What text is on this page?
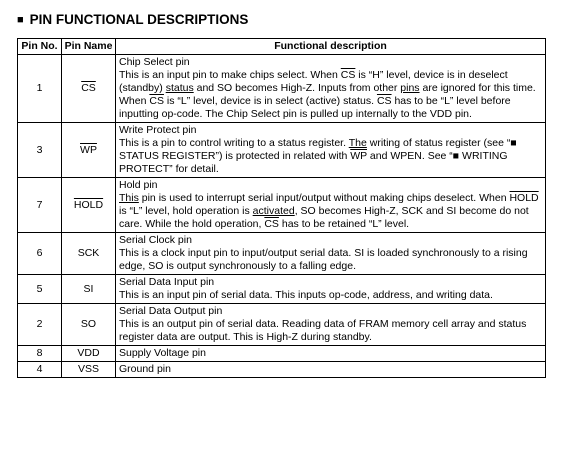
■ PIN FUNCTIONAL DESCRIPTIONS
Pin No.	Pin Name	Functional description
1	$\overline{CS}$	Chip Select pin
This is an input pin to make chips select. When $\overline{CS}$ is “H” level, device is in deselect (standby) status and SO becomes High-Z. Inputs from other pins are ignored for this time. When $\overline{CS}$ is “L” level, device is in select (active) status. $\overline{CS}$ has to be “L” level before inputting op-code. The Chip Select pin is pulled up internally to the VDD pin.
3	$\overline{WP}$	Write Protect pin
This is a pin to control writing to a status register. The writing of status register (see “■ STATUS REGISTER”) is protected in related with $\overline{WP}$ and WPEN. See “■ WRITING PROTECT” for detail.
7	HOLD	Hold pin
This pin is used to interrupt serial input/output without making chips deselect. When HOLD is “L” level, hold operation is activated, SO becomes High-Z, SCK and SI become do not care. While the hold operation, $\overline{CS}$ has to be retained “L” level.
6	SCK	Serial Clock pin
This is a clock input pin to input/output serial data. SI is loaded synchronously to a rising edge, SO is output synchronously to a falling edge.
5	SI	Serial Data Input pin
This is an input pin of serial data. This inputs op-code, address, and writing data.
2	SO	Serial Data Output pin
This is an output pin of serial data. Reading data of FRAM memory cell array and status register data are output. This is High-Z during standby.
8	VDD	Supply Voltage pin
4	VSS	Ground pin
